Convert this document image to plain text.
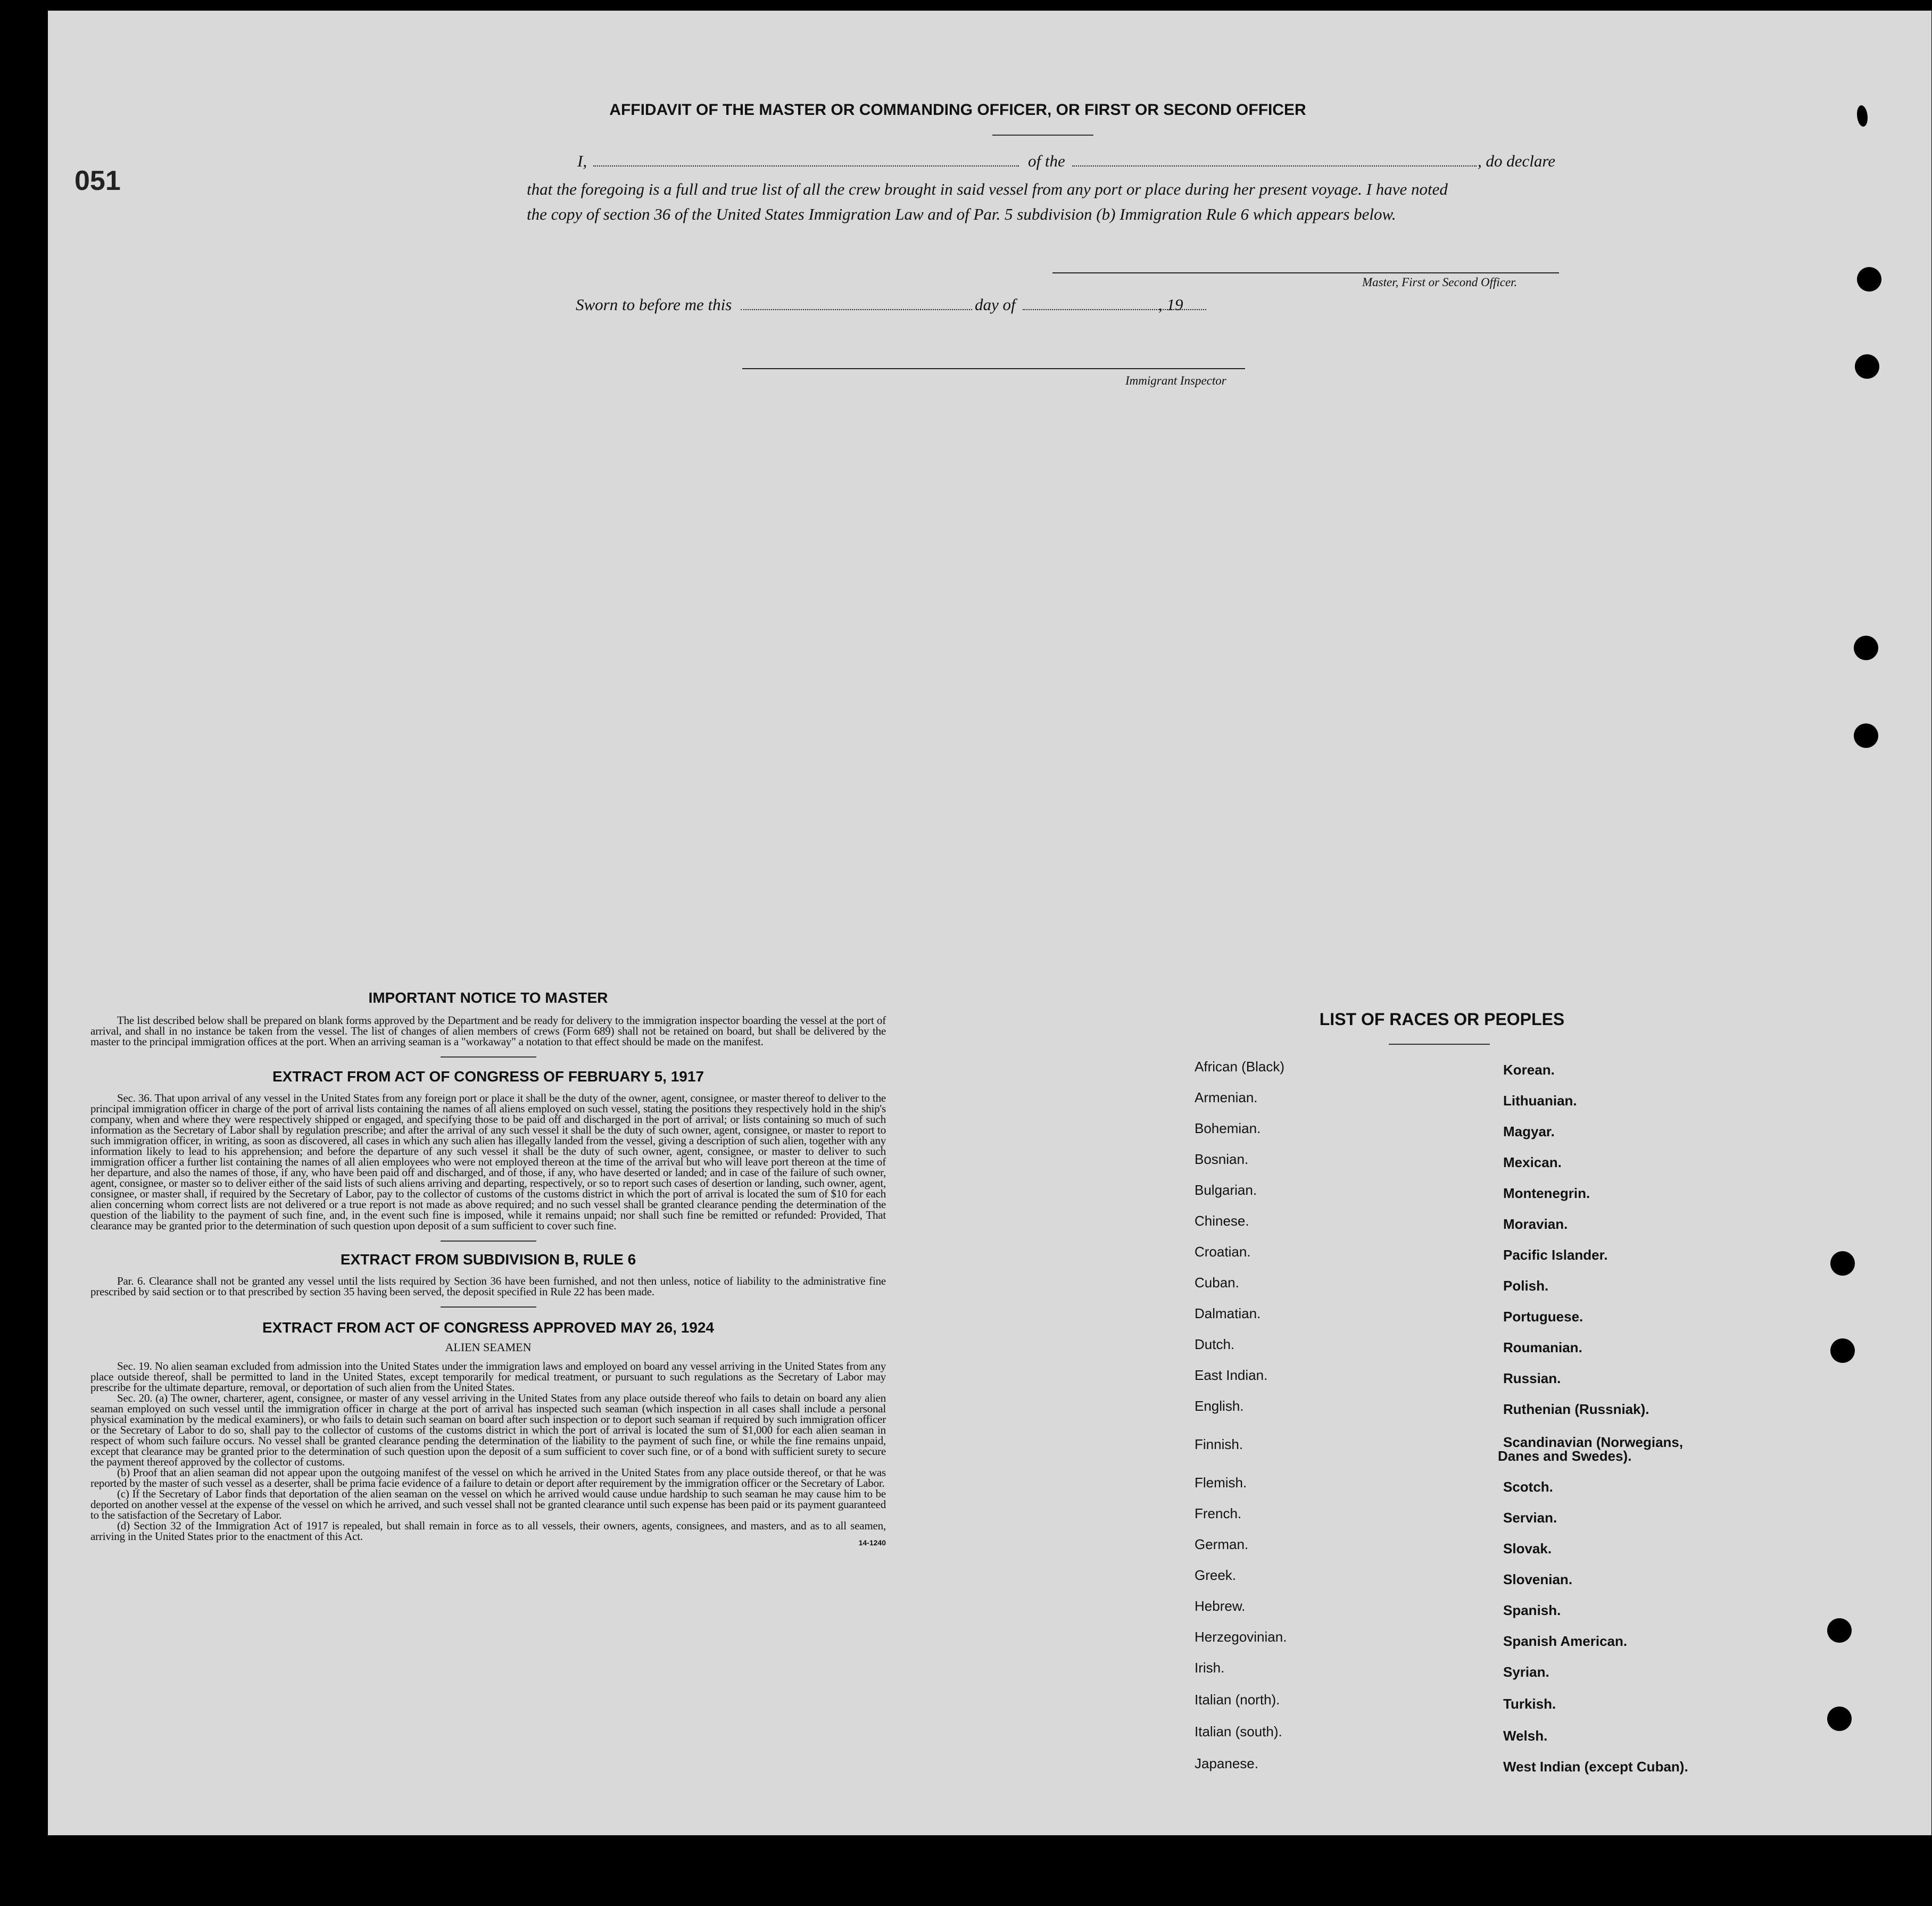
051
AFFIDAVIT OF THE MASTER OR COMMANDING OFFICER, OR FIRST OR SECOND OFFICER
I,	of the	, do declare
that the foregoing is a full and true list of all the crew brought in said vessel from any port or place during her present voyage. I have noted
the copy of section 36 of the United States Immigration Law and of Par. 5 subdivision (b) Immigration Rule 6 which appears below.
Master, First or Second Officer.
Sworn to before me this	day of	, 19
Immigrant Inspector
IMPORTANT NOTICE TO MASTER

The list described below shall be prepared on blank forms approved by the Department and be ready for delivery to the immigration inspector boarding the vessel at the port of arrival, and shall in no instance be taken from the vessel. The list of changes of alien members of crews (Form 689) shall not be retained on board, but shall be delivered by the master to the principal immigration offices at the port. When an arriving seaman is a "workaway" a notation to that effect should be made on the manifest.

EXTRACT FROM ACT OF CONGRESS OF FEBRUARY 5, 1917

Sec. 36. That upon arrival of any vessel in the United States from any foreign port or place it shall be the duty of the owner, agent, consignee, or master thereof to deliver to the principal immigration officer in charge of the port of arrival lists containing the names of all aliens employed on such vessel, stating the positions they respectively hold in the ship's company, when and where they were respectively shipped or engaged, and specifying those to be paid off and discharged in the port of arrival; or lists containing so much of such information as the Secretary of Labor shall by regulation prescribe; and after the arrival of any such vessel it shall be the duty of such owner, agent, consignee, or master to report to such immigration officer, in writing, as soon as discovered, all cases in which any such alien has illegally landed from the vessel, giving a description of such alien, together with any information likely to lead to his apprehension; and before the departure of any such vessel it shall be the duty of such owner, agent, consignee, or master to deliver to such immigration officer a further list containing the names of all alien employees who were not employed thereon at the time of the arrival but who will leave port thereon at the time of her departure, and also the names of those, if any, who have been paid off and discharged, and of those, if any, who have deserted or landed; and in case of the failure of such owner, agent, consignee, or master so to deliver either of the said lists of such aliens arriving and departing, respectively, or so to report such cases of desertion or landing, such owner, agent, consignee, or master shall, if required by the Secretary of Labor, pay to the collector of customs of the customs district in which the port of arrival is located the sum of $10 for each alien concerning whom correct lists are not delivered or a true report is not made as above required; and no such vessel shall be granted clearance pending the determination of the question of the liability to the payment of such fine, and, in the event such fine is imposed, while it remains unpaid; nor shall such fine be remitted or refunded: Provided, That clearance may be granted prior to the determination of such question upon deposit of a sum sufficient to cover such fine.

EXTRACT FROM SUBDIVISION B, RULE 6

Par. 6. Clearance shall not be granted any vessel until the lists required by Section 36 have been furnished, and not then unless, notice of liability to the administrative fine prescribed by said section or to that prescribed by section 35 having been served, the deposit specified in Rule 22 has been made.

EXTRACT FROM ACT OF CONGRESS APPROVED MAY 26, 1924
ALIEN SEAMEN

Sec. 19. No alien seaman excluded from admission into the United States under the immigration laws and employed on board any vessel arriving in the United States from any place outside thereof, shall be permitted to land in the United States, except temporarily for medical treatment, or pursuant to such regulations as the Secretary of Labor may prescribe for the ultimate departure, removal, or deportation of such alien from the United States.

Sec. 20. (a) The owner, charterer, agent, consignee, or master of any vessel arriving in the United States from any place outside thereof who fails to detain on board any alien seaman employed on such vessel until the immigration officer in charge at the port of arrival has inspected such seaman (which inspection in all cases shall include a personal physical examination by the medical examiners), or who fails to detain such seaman on board after such inspection or to deport such seaman if required by such immigration officer or the Secretary of Labor to do so, shall pay to the collector of customs of the customs district in which the port of arrival is located the sum of $1,000 for each alien seaman in respect of whom such failure occurs. No vessel shall be granted clearance pending the determination of the liability to the payment of such fine, or while the fine remains unpaid, except that clearance may be granted prior to the determination of such question upon the deposit of a sum sufficient to cover such fine, or of a bond with sufficient surety to secure the payment thereof approved by the collector of customs.

(b) Proof that an alien seaman did not appear upon the outgoing manifest of the vessel on which he arrived in the United States from any place outside thereof, or that he was reported by the master of such vessel as a deserter, shall be prima facie evidence of a failure to detain or deport after requirement by the immigration officer or the Secretary of Labor.

(c) If the Secretary of Labor finds that deportation of the alien seaman on the vessel on which he arrived would cause undue hardship to such seaman he may cause him to be deported on another vessel at the expense of the vessel on which he arrived, and such vessel shall not be granted clearance until such expense has been paid or its payment guaranteed to the satisfaction of the Secretary of Labor.

(d) Section 32 of the Immigration Act of 1917 is repealed, but shall remain in force as to all vessels, their owners, agents, consignees, and masters, and as to all seamen, arriving in the United States prior to the enactment of this Act.	14-1240
LIST OF RACES OR PEOPLES
African (Black)
Armenian.
Bohemian.
Bosnian.
Bulgarian.
Chinese.
Croatian.
Cuban.
Dalmatian.
Dutch.
East Indian.
English.
Finnish.
Flemish.
French.
German.
Greek.
Hebrew.
Herzegovinian.
Irish.
Italian (north).
Italian (south).
Japanese.
Korean.
Lithuanian.
Magyar.
Mexican.
Montenegrin.
Moravian.
Pacific Islander.
Polish.
Portuguese.
Roumanian.
Russian.
Ruthenian (Russniak).
Scandinavian (Norwegians,
Danes and Swedes).
Scotch.
Servian.
Slovak.
Slovenian.
Spanish.
Spanish American.
Syrian.
Turkish.
Welsh.
West Indian (except Cuban).
